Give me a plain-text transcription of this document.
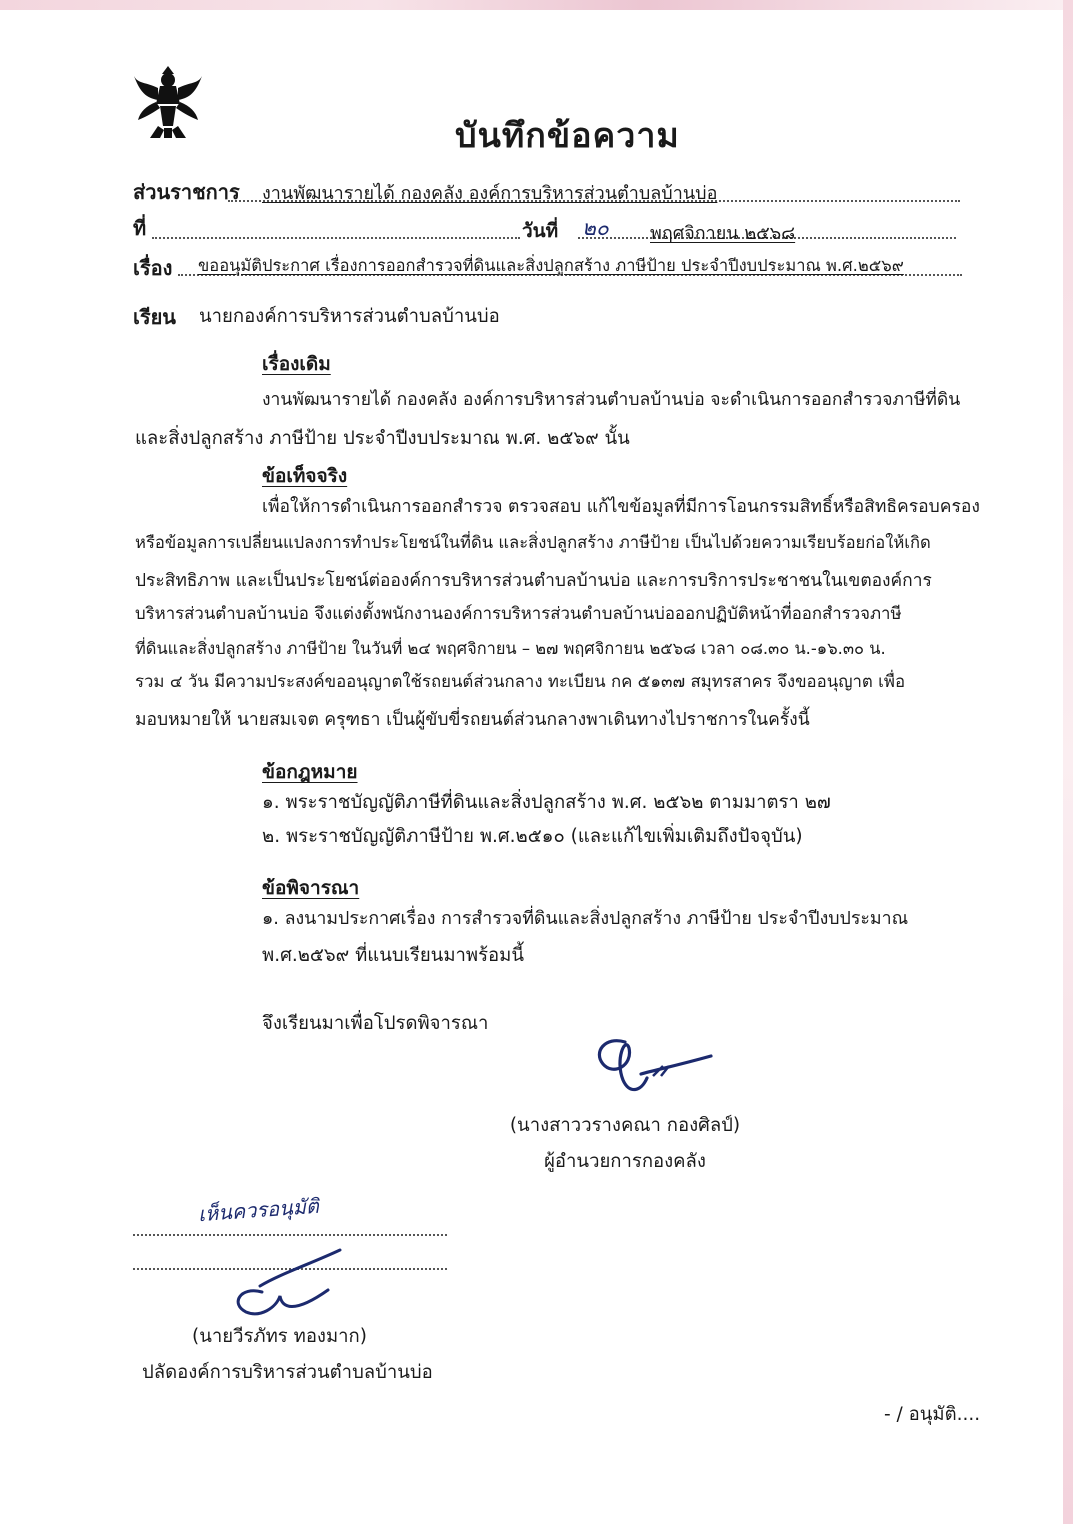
บันทึกข้อความ
ส่วนราชการ งานพัฒนารายได้ กองคลัง องค์การบริหารส่วนตำบลบ้านบ่อ
ที่	วันที่ ๒๐ พฤศจิกายน ๒๕๖๘
เรื่อง ขออนุมัติประกาศ เรื่องการออกสำรวจที่ดินและสิ่งปลูกสร้าง ภาษีป้าย ประจำปีงบประมาณ พ.ศ.๒๕๖๙
เรียน นายกองค์การบริหารส่วนตำบลบ้านบ่อ
เรื่องเดิม
งานพัฒนารายได้ กองคลัง องค์การบริหารส่วนตำบลบ้านบ่อ จะดำเนินการออกสำรวจภาษีที่ดิน
และสิ่งปลูกสร้าง ภาษีป้าย ประจำปีงบประมาณ พ.ศ. ๒๕๖๙ นั้น
ข้อเท็จจริง
เพื่อให้การดำเนินการออกสำรวจ ตรวจสอบ แก้ไขข้อมูลที่มีการโอนกรรมสิทธิ์หรือสิทธิครอบครอง
หรือข้อมูลการเปลี่ยนแปลงการทำประโยชน์ในที่ดิน และสิ่งปลูกสร้าง ภาษีป้าย เป็นไปด้วยความเรียบร้อยก่อให้เกิด
ประสิทธิภาพ และเป็นประโยชน์ต่อองค์การบริหารส่วนตำบลบ้านบ่อ และการบริการประชาชนในเขตองค์การ
บริหารส่วนตำบลบ้านบ่อ จึงแต่งตั้งพนักงานองค์การบริหารส่วนตำบลบ้านบ่อออกปฏิบัติหน้าที่ออกสำรวจภาษี
ที่ดินและสิ่งปลูกสร้าง ภาษีป้าย ในวันที่ ๒๔ พฤศจิกายน – ๒๗ พฤศจิกายน ๒๕๖๘ เวลา ๐๘.๓๐ น.-๑๖.๓๐ น.
รวม ๔ วัน มีความประสงค์ขออนุญาตใช้รถยนต์ส่วนกลาง ทะเบียน กค ๕๑๓๗ สมุทรสาคร จึงขออนุญาต เพื่อ
มอบหมายให้ นายสมเจต ครุฑธา เป็นผู้ขับขี่รถยนต์ส่วนกลางพาเดินทางไปราชการในครั้งนี้
ข้อกฎหมาย
๑. พระราชบัญญัติภาษีที่ดินและสิ่งปลูกสร้าง พ.ศ. ๒๕๖๒ ตามมาตรา ๒๗
๒. พระราชบัญญัติภาษีป้าย พ.ศ.๒๕๑๐ (และแก้ไขเพิ่มเติมถึงปัจจุบัน)
ข้อพิจารณา
๑. ลงนามประกาศเรื่อง การสำรวจที่ดินและสิ่งปลูกสร้าง ภาษีป้าย ประจำปีงบประมาณ
พ.ศ.๒๕๖๙ ที่แนบเรียนมาพร้อมนี้
จึงเรียนมาเพื่อโปรดพิจารณา
(นางสาววรางคณา กองศิลป์)
ผู้อำนวยการกองคลัง
เห็นควรอนุมัติ
(นายวีรภัทร ทองมาก)
ปลัดองค์การบริหารส่วนตำบลบ้านบ่อ
- / อนุมัติ....
